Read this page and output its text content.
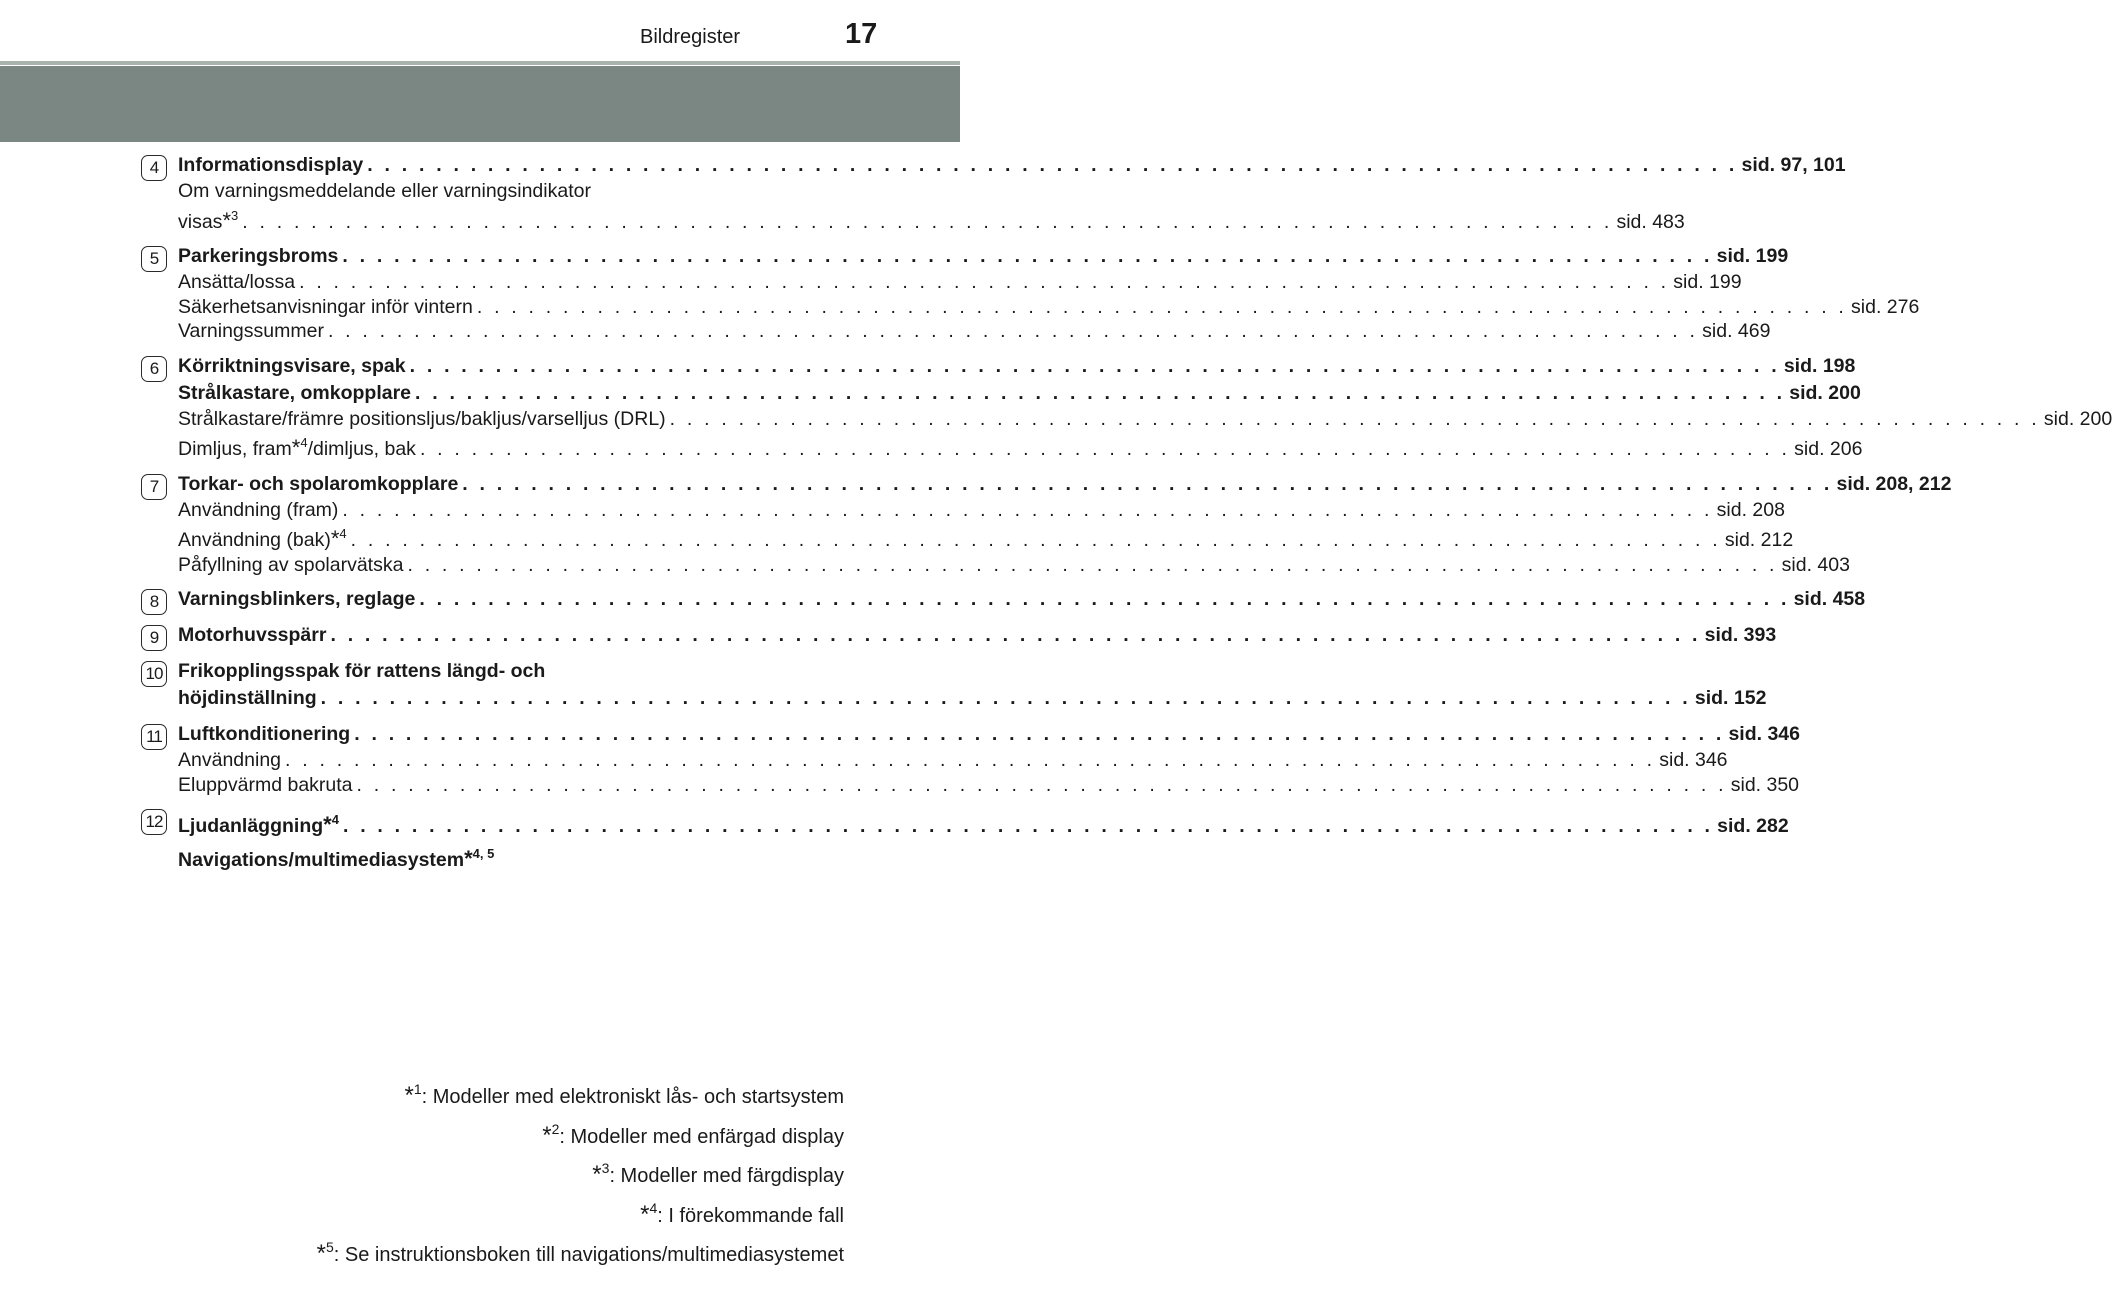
Bildregister	17
4	Informationsdisplay . . . . . . . . . . . . . . . . . . . . . . . . . . . . . . . . . . . . . . . . . . . . . . . . . . . . . . . . . . . . . . . . . . . . . . . . . . . . . . . . sid. 97, 101
Om varningsmeddelande eller varningsindikator
visas*$^3$ . . . . . . . . . . . . . . . . . . . . . . . . . . . . . . . . . . . . . . . . . . . . . . . . . . . . . . . . . . . . . . . . . . . . . . . . . . . . . . . . sid. 483
5	Parkeringsbroms . . . . . . . . . . . . . . . . . . . . . . . . . . . . . . . . . . . . . . . . . . . . . . . . . . . . . . . . . . . . . . . . . . . . . . . . . . . . . . . . sid. 199
Ansätta/lossa . . . . . . . . . . . . . . . . . . . . . . . . . . . . . . . . . . . . . . . . . . . . . . . . . . . . . . . . . . . . . . . . . . . . . . . . . . . . . . . . sid. 199
Säkerhetsanvisningar inför vintern . . . . . . . . . . . . . . . . . . . . . . . . . . . . . . . . . . . . . . . . . . . . . . . . . . . . . . . . . . . . . . . . . . . . . . . . . . . . . . . . sid. 276
Varningssummer . . . . . . . . . . . . . . . . . . . . . . . . . . . . . . . . . . . . . . . . . . . . . . . . . . . . . . . . . . . . . . . . . . . . . . . . . . . . . . . . sid. 469
6	Körriktningsvisare, spak . . . . . . . . . . . . . . . . . . . . . . . . . . . . . . . . . . . . . . . . . . . . . . . . . . . . . . . . . . . . . . . . . . . . . . . . . . . . . . . . sid. 198
Strålkastare, omkopplare . . . . . . . . . . . . . . . . . . . . . . . . . . . . . . . . . . . . . . . . . . . . . . . . . . . . . . . . . . . . . . . . . . . . . . . . . . . . . . . . sid. 200
Strålkastare/främre positionsljus/bakljus/varselljus (DRL) . . . . . . . . . . . . . . . . . . . . . . . . . . . . . . . . . . . . . . . . . . . . . . . . . . . . . . . . . . . . . . . . . . . . . . . . . . . . . . . . sid. 200
Dimljus, fram*$^4$/dimljus, bak . . . . . . . . . . . . . . . . . . . . . . . . . . . . . . . . . . . . . . . . . . . . . . . . . . . . . . . . . . . . . . . . . . . . . . . . . . . . . . . . sid. 206
7	Torkar- och spolaromkopplare . . . . . . . . . . . . . . . . . . . . . . . . . . . . . . . . . . . . . . . . . . . . . . . . . . . . . . . . . . . . . . . . . . . . . . . . . . . . . . . . sid. 208, 212
Användning (fram) . . . . . . . . . . . . . . . . . . . . . . . . . . . . . . . . . . . . . . . . . . . . . . . . . . . . . . . . . . . . . . . . . . . . . . . . . . . . . . . . sid. 208
Användning (bak)*$^4$ . . . . . . . . . . . . . . . . . . . . . . . . . . . . . . . . . . . . . . . . . . . . . . . . . . . . . . . . . . . . . . . . . . . . . . . . . . . . . . . . sid. 212
Påfyllning av spolarvätska . . . . . . . . . . . . . . . . . . . . . . . . . . . . . . . . . . . . . . . . . . . . . . . . . . . . . . . . . . . . . . . . . . . . . . . . . . . . . . . . sid. 403
8	Varningsblinkers, reglage . . . . . . . . . . . . . . . . . . . . . . . . . . . . . . . . . . . . . . . . . . . . . . . . . . . . . . . . . . . . . . . . . . . . . . . . . . . . . . . . sid. 458
9	Motorhuvsspärr . . . . . . . . . . . . . . . . . . . . . . . . . . . . . . . . . . . . . . . . . . . . . . . . . . . . . . . . . . . . . . . . . . . . . . . . . . . . . . . . sid. 393
10 Frikopplingsspak för rattens längd- och
höjdinställning . . . . . . . . . . . . . . . . . . . . . . . . . . . . . . . . . . . . . . . . . . . . . . . . . . . . . . . . . . . . . . . . . . . . . . . . . . . . . . . . sid. 152
11 Luftkonditionering . . . . . . . . . . . . . . . . . . . . . . . . . . . . . . . . . . . . . . . . . . . . . . . . . . . . . . . . . . . . . . . . . . . . . . . . . . . . . . . . sid. 346
Användning . . . . . . . . . . . . . . . . . . . . . . . . . . . . . . . . . . . . . . . . . . . . . . . . . . . . . . . . . . . . . . . . . . . . . . . . . . . . . . . . sid. 346
Eluppvärmd bakruta . . . . . . . . . . . . . . . . . . . . . . . . . . . . . . . . . . . . . . . . . . . . . . . . . . . . . . . . . . . . . . . . . . . . . . . . . . . . . . . . sid. 350
12 Ljudanläggning*$^4$ . . . . . . . . . . . . . . . . . . . . . . . . . . . . . . . . . . . . . . . . . . . . . . . . . . . . . . . . . . . . . . . . . . . . . . . . . . . . . . . . sid. 282
Navigations/multimediasystem*$^{4, 5}$
*$^1$: Modeller med elektroniskt lås- och startsystem
*$^2$: Modeller med enfärgad display
*$^3$: Modeller med färgdisplay
*$^4$: I förekommande fall
*$^5$: Se instruktionsboken till navigations/multimediasystemet
